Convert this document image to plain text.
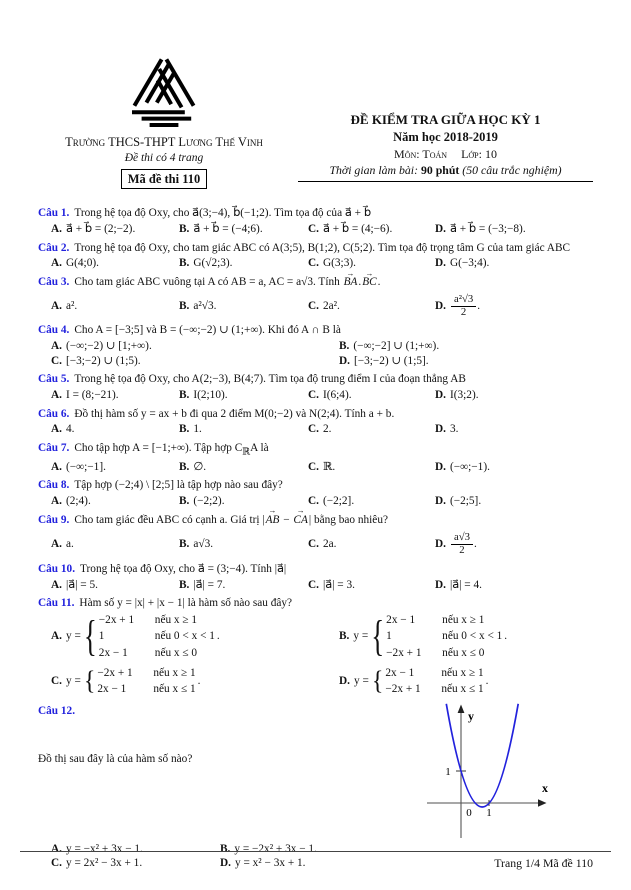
Trường THCS-THPT Lương Thế Vinh
Đề thi có 4 trang
Mã đề thi 110
ĐỀ KIỂM TRA GIỮA HỌC KỲ 1
Năm học 2018-2019
Môn: Toán Lớp: 10
Thời gian làm bài: 90 phút (50 câu trắc nghiệm)
Câu 1. Trong hệ tọa độ Oxy, cho a⃗(3;−4), b⃗(−1;2). Tìm tọa độ của a⃗ + b⃗
A. a⃗ + b⃗ = (2;−2).	B. a⃗ + b⃗ = (−4;6).	C. a⃗ + b⃗ = (4;−6).	D. a⃗ + b⃗ = (−3;−8).
Câu 2. Trong hệ tọa độ Oxy, cho tam giác ABC có A(3;5), B(1;2), C(5;2). Tìm tọa độ trọng tâm G của tam giác ABC
A. G(4;0).	B. G(√2;3).	C. G(3;3).	D. G(−3;4).
Câu 3. Cho tam giác ABC vuông tại A có AB = a, AC = a√3. Tính BA →.BC →.
A. a².	B. a²√3.	C. 2a².	D. $\frac{\text{a²√3}}{2}$ .
Câu 4. Cho A = [−3;5] và B = (−∞;−2) ∪ (1;+∞). Khi đó A ∩ B là
A. (−∞;−2) ∪ [1;+∞).	B. (−∞;−2] ∪ (1;+∞).
C. [−3;−2) ∪ (1;5).	D. [−3;−2) ∪ (1;5].
Câu 5. Trong hệ tọa độ Oxy, cho A(2;−3), B(4;7). Tìm tọa độ trung điểm I của đoạn thẳng AB
A. I = (8;−21).	B. I(2;10).	C. I(6;4).	D. I(3;2).
Câu 6. Đồ thị hàm số y = ax + b đi qua 2 điểm M(0;−2) và N(2;4). Tính a + b.
A. 4.	B. 1.	C. 2.	D. 3.
Câu 7. Cho tập hợp A = [−1;+∞). Tập hợp $C_ℝA$ là
A. (−∞;−1].	B. ∅.	C. ℝ.	D. (−∞;−1).
Câu 8. Tập hợp (−2;4) \ [2;5] là tập hợp nào sau đây?
A. (2;4).	B. (−2;2).	C. (−2;2].	D. (−2;5].
Câu 9. Cho tam giác đều ABC có cạnh a. Giá trị |AB → − CA →| bằng bao nhiêu?
A. a.	B. a√3.	C. 2a.	D. $\frac{a√3}{2}$ .
Câu 10. Trong hệ tọa độ Oxy, cho a⃗ = (3;−4). Tính |a⃗|
A. |a⃗| = 5.	B. |a⃗| = 7.	C. |a⃗| = 3.	D. |a⃗| = 4.
Câu 11. Hàm số y = |x| + |x − 1| là hàm số nào sau đây?
A. y = { −2x + 1	nếu x ≥ 1
1	nếu 0 < x < 1
2x − 1	nếu x ≤ 0
.	B. y = { 2x − 1	nếu x ≥ 1
1	nếu 0 < x < 1
−2x + 1	nếu x ≤ 0
.
C. y = { −2x + 1	nếu x ≥ 1
2x − 1	nếu x ≤ 1
.	D. y = { 2x − 1	nếu x ≥ 1
−2x + 1	nếu x ≤ 1
.
y
x
1
0 1
Câu 12.
Đồ thị sau đây là của hàm số nào?
A. y = −x² + 3x − 1.	B. y = −2x² + 3x − 1.
C. y = 2x² − 3x + 1.	D. y = x² − 3x + 1.	Trang 1/4 Mã đề 110
